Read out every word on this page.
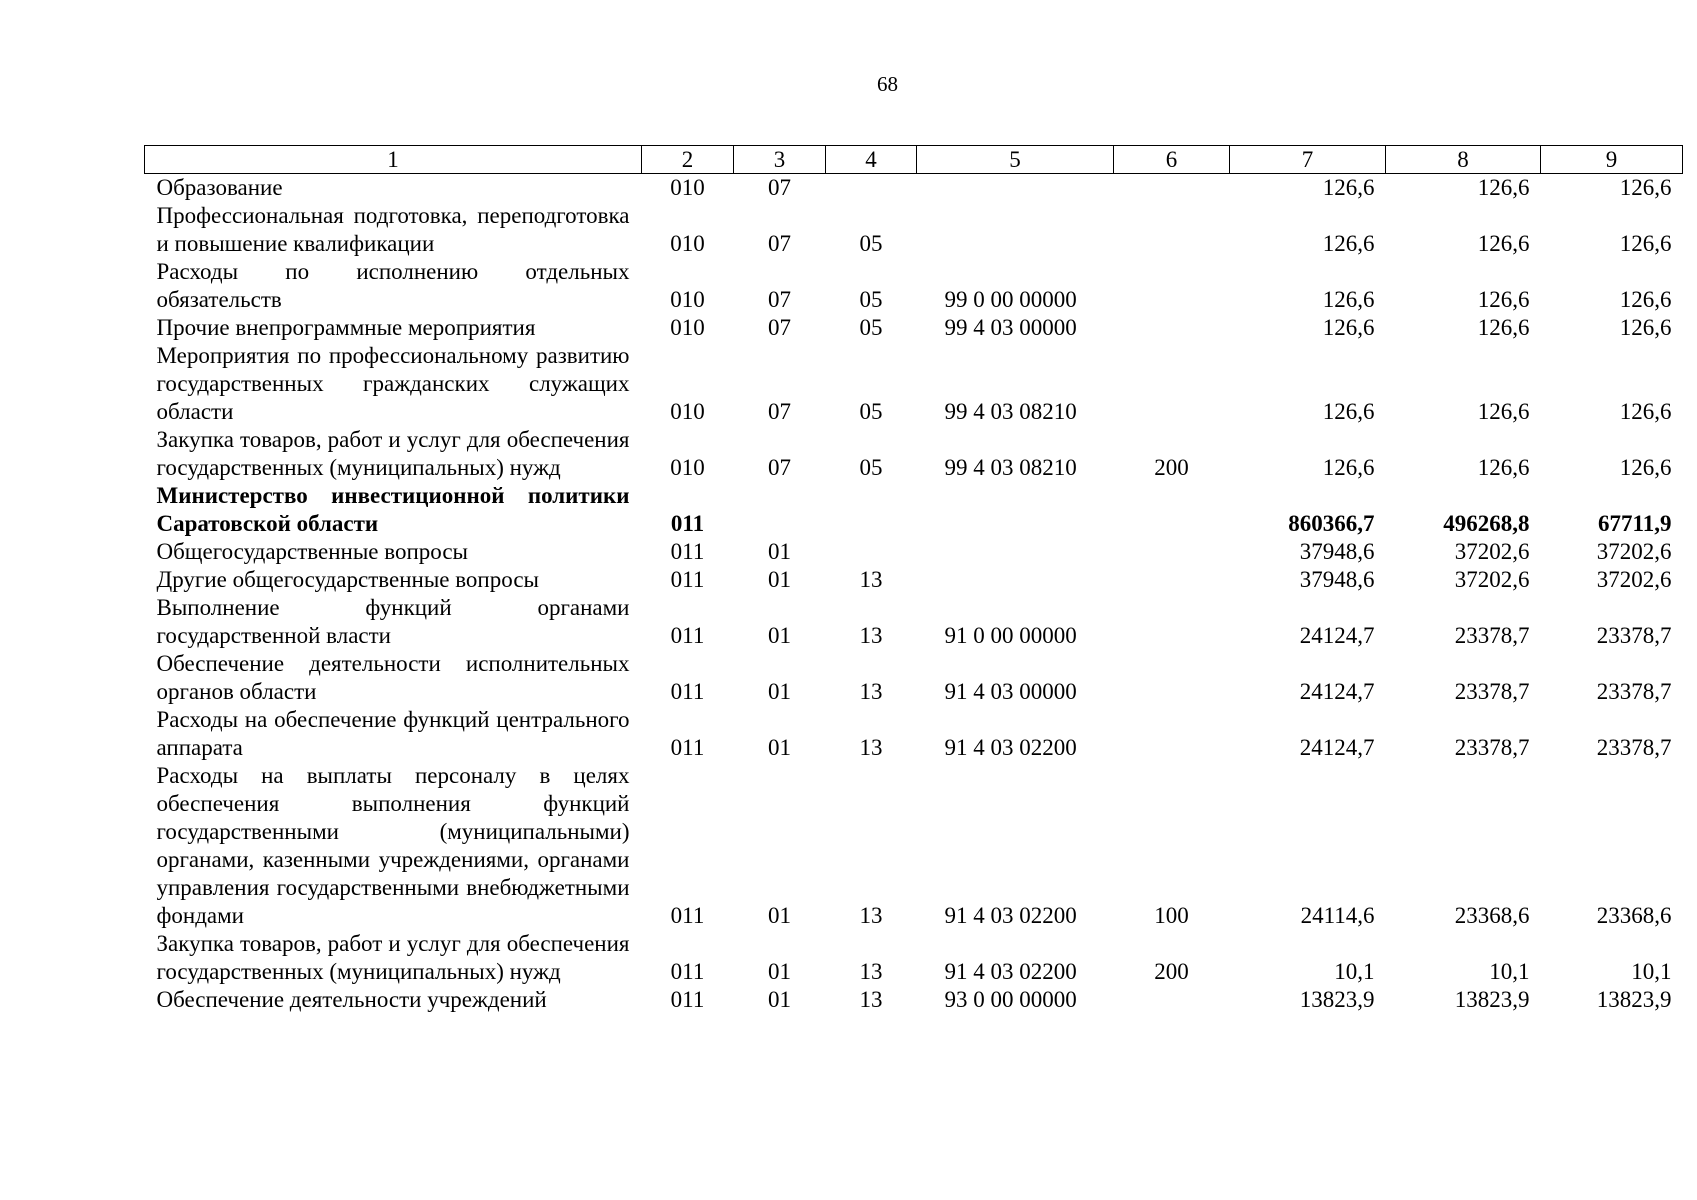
68
1	2	3	4	5	6	7	8	9
Образование	010	07				126,6	126,6	126,6
Профессиональная подготовка, переподготовка и повышение квалификации	010	07	05			126,6	126,6	126,6
Расходы по исполнению отдельных обязательств	010	07	05	99 0 00 00000		126,6	126,6	126,6
Прочие внепрограммные мероприятия	010	07	05	99 4 03 00000		126,6	126,6	126,6
Мероприятия по профессиональному развитию государственных гражданских служащих области	010	07	05	99 4 03 08210		126,6	126,6	126,6
Закупка товаров, работ и услуг для обеспечения государственных (муниципальных) нужд	010	07	05	99 4 03 08210	200	126,6	126,6	126,6
Министерство инвестиционной политики Саратовской области	011					860366,7	496268,8	67711,9
Общегосударственные вопросы	011	01				37948,6	37202,6	37202,6
Другие общегосударственные вопросы	011	01	13			37948,6	37202,6	37202,6
Выполнение функций органами государственной власти	011	01	13	91 0 00 00000		24124,7	23378,7	23378,7
Обеспечение деятельности исполнительных органов области	011	01	13	91 4 03 00000		24124,7	23378,7	23378,7
Расходы на обеспечение функций центрального аппарата	011	01	13	91 4 03 02200		24124,7	23378,7	23378,7
Расходы на выплаты персоналу в целях обеспечения выполнения функций государственными (муниципальными) органами, казенными учреждениями, органами управления государственными внебюджетными фондами	011	01	13	91 4 03 02200	100	24114,6	23368,6	23368,6
Закупка товаров, работ и услуг для обеспечения государственных (муниципальных) нужд	011	01	13	91 4 03 02200	200	10,1	10,1	10,1
Обеспечение деятельности учреждений	011	01	13	93 0 00 00000		13823,9	13823,9	13823,9
